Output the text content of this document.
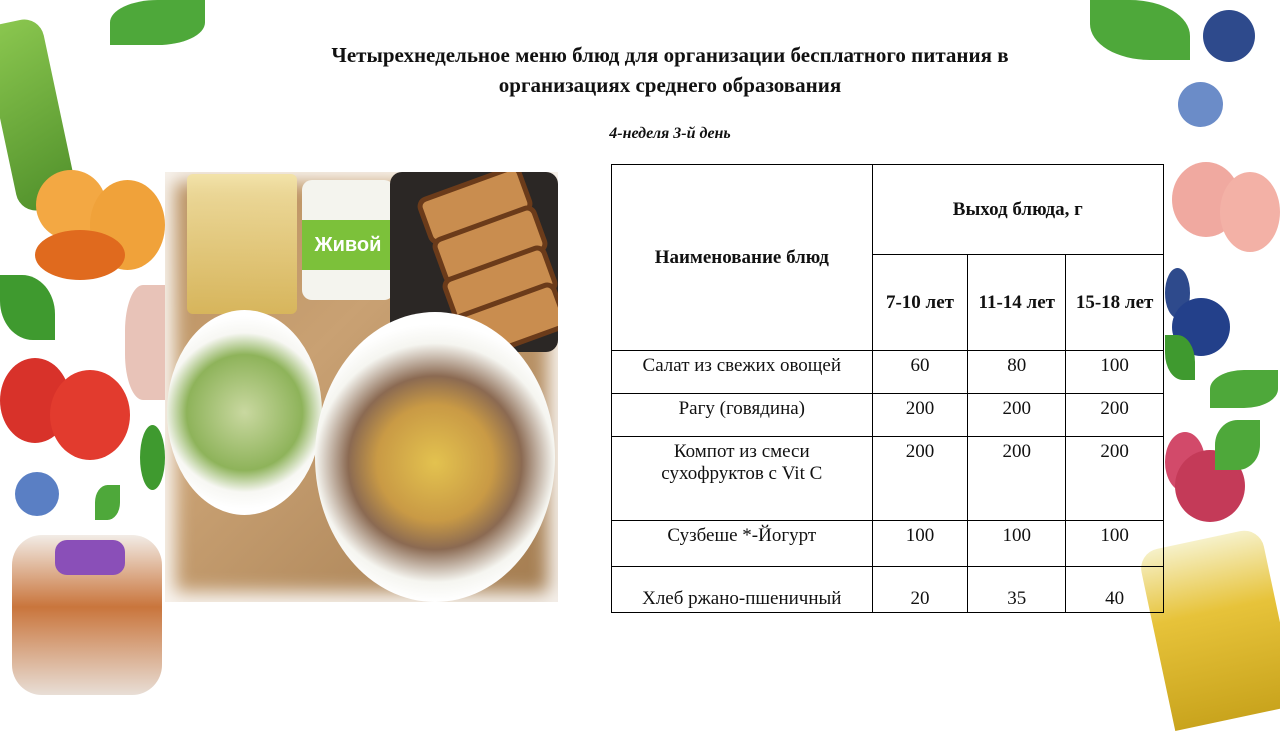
Четырехнедельное меню блюд для организации бесплатного питания в
организациях среднего образования
4-неделя 3-й день
Живой
Наименование блюд	Выход блюда, г		
	7-10 лет	11-14 лет	15-18 лет
Салат из свежих овощей	60	80	100
Рагу (говядина)	200	200	200

Компот из смеси
сухофруктов с Vit C	200	200	200
Сузбеше *-Йогурт	100	100	100
Хлеб ржано-пшеничный	20	35	40
